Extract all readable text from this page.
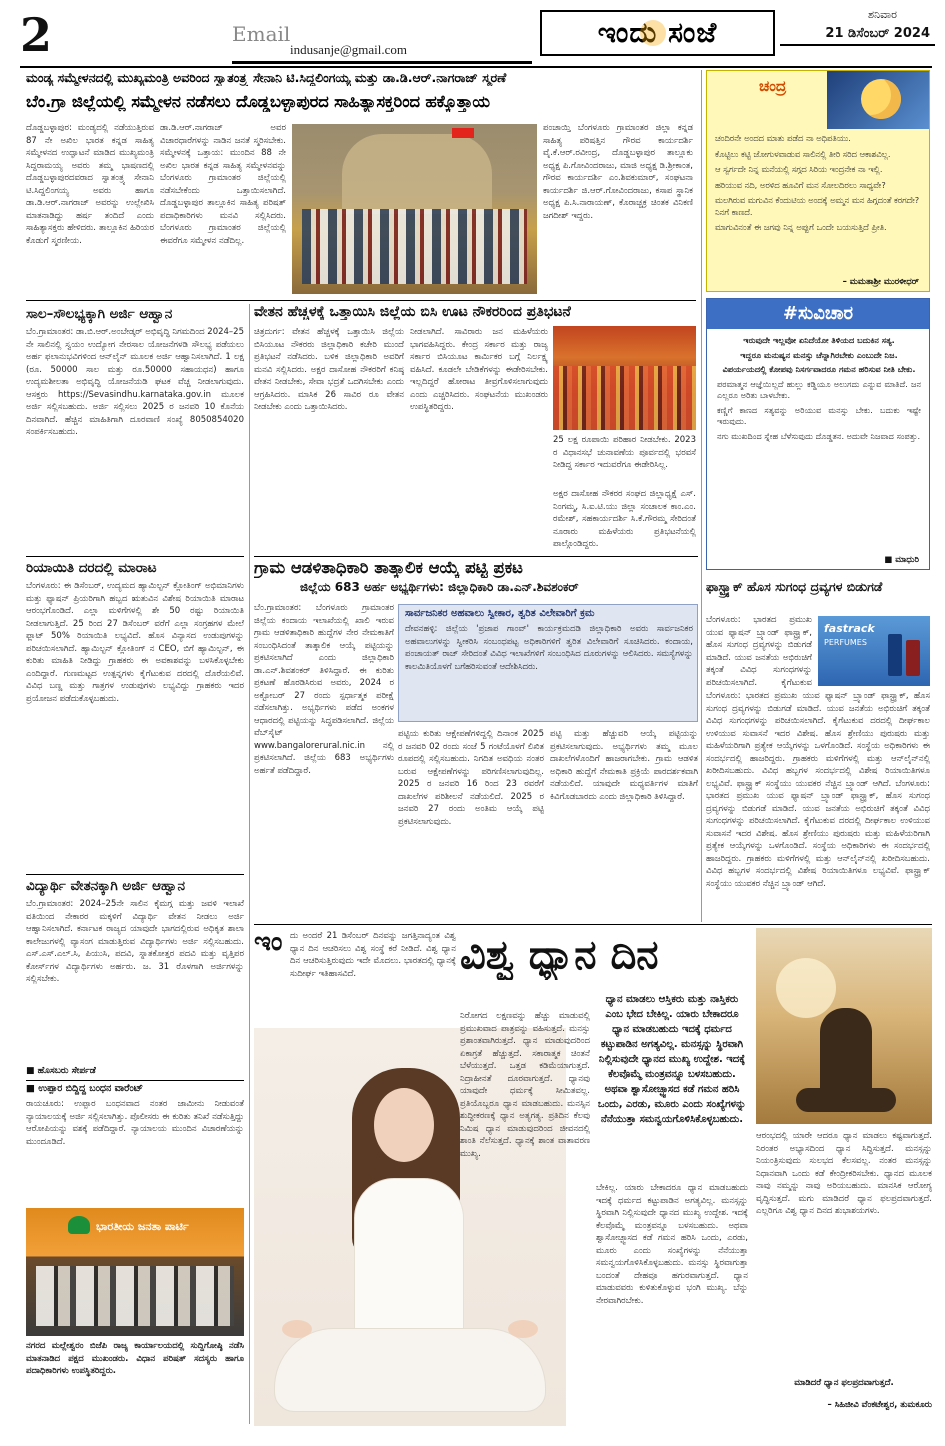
2	Email
indusanje@gmail.com
ಇಂದು ಸಂಜೆ
ಶನಿವಾರ
21 ಡಿಸೆಂಬರ್ 2024
ಮಂಡ್ಯ ಸಮ್ಮೇಳನದಲ್ಲಿ ಮುಖ್ಯಮಂತ್ರಿ ಅವರಿಂದ ಸ್ವಾತಂತ್ರ್ಯ ಸೇನಾನಿ ಟಿ.ಸಿದ್ದಲಿಂಗಯ್ಯ ಮತ್ತು ಡಾ.ಡಿ.ಆರ್.ನಾಗರಾಜ್ ಸ್ಮರಣೆ
ಬೆಂ.ಗ್ರಾ ಜಿಲ್ಲೆಯಲ್ಲಿ ಸಮ್ಮೇಳನ ನಡೆಸಲು ದೊಡ್ಡಬಳ್ಳಾಪುರದ ಸಾಹಿತ್ಯಾಸಕ್ತರಿಂದ ಹಕ್ಕೊತ್ತಾಯ
ದೊಡ್ಡಬಳ್ಳಾಪುರ: ಮಂಡ್ಯದಲ್ಲಿ ನಡೆಯುತ್ತಿರುವ 87 ನೇ ಅಖಿಲ ಭಾರತ ಕನ್ನಡ ಸಾಹಿತ್ಯ ಸಮ್ಮೇಳನದ ಉದ್ಘಾಟನೆ ಮಾಡಿದ ಮುಖ್ಯಮಂತ್ರಿ ಸಿದ್ದರಾಮಯ್ಯ ಅವರು ತಮ್ಮ ಭಾಷಣದಲ್ಲಿ ದೊಡ್ಡಬಳ್ಳಾಪುರದವರಾದ ಸ್ವಾತಂತ್ರ್ಯ ಸೇನಾನಿ ಟಿ.ಸಿದ್ದಲಿಂಗಯ್ಯ ಅವರು ಹಾಗೂ ಡಾ.ಡಿ.ಆರ್.ನಾಗರಾಜ್ ಅವರನ್ನು ಉಲ್ಲೇಖಿಸಿ ಮಾತನಾಡಿದ್ದು ಹರ್ಷ ತಂದಿದೆ ಎಂದು ಸಾಹಿತ್ಯಾಸಕ್ತರು ಹೇಳಿದರು. ತಾಲ್ಲೂಕಿನ ಹಿರಿಯರ ಕೊಡುಗೆ ಸ್ಮರಣೀಯ.
ಡಾ.ಡಿ.ಆರ್.ನಾಗರಾಜ್ ಅವರ ವಿಚಾರಧಾರೆಗಳನ್ನು ನಾಡಿನ ಜನತೆ ಸ್ಮರಿಸಬೇಕು. ಸಮ್ಮೇಳನಕ್ಕೆ ಒತ್ತಾಯ: ಮುಂದಿನ 88 ನೇ ಅಖಿಲ ಭಾರತ ಕನ್ನಡ ಸಾಹಿತ್ಯ ಸಮ್ಮೇಳನವನ್ನು ಬೆಂಗಳೂರು ಗ್ರಾಮಾಂತರ ಜಿಲ್ಲೆಯಲ್ಲಿ ನಡೆಸಬೇಕೆಂದು ಒತ್ತಾಯಿಸಲಾಗಿದೆ. ದೊಡ್ಡಬಳ್ಳಾಪುರ ತಾಲ್ಲೂಕಿನ ಸಾಹಿತ್ಯ ಪರಿಷತ್ ಪದಾಧಿಕಾರಿಗಳು ಮನವಿ ಸಲ್ಲಿಸಿದರು. ಬೆಂಗಳೂರು ಗ್ರಾಮಾಂತರ ಜಿಲ್ಲೆಯಲ್ಲಿ ಈವರೆಗೂ ಸಮ್ಮೇಳನ ನಡೆದಿಲ್ಲ.
ಪಂಚಾಯ್ತಿ ಬೆಂಗಳೂರು ಗ್ರಾಮಾಂತರ ಜಿಲ್ಲಾ ಕನ್ನಡ ಸಾಹಿತ್ಯ ಪರಿಷತ್ತಿನ ಗೌರವ ಕಾರ್ಯದರ್ಶಿ ವೈ.ಕೆ.ಆರ್.ರವೀಂದ್ರ, ದೊಡ್ಡಬಳ್ಳಾಪುರ ತಾಲ್ಲೂಕು ಅಧ್ಯಕ್ಷ ಪಿ.ಗೋವಿಂದರಾಜು, ಮಾಜಿ ಅಧ್ಯಕ್ಷ ಡಿ.ಶ್ರೀಕಾಂತ, ಗೌರವ ಕಾರ್ಯದರ್ಶಿ ಎಂ.ಶಿವಕುಮಾರ್, ಸಂಘಟನಾ ಕಾರ್ಯದರ್ಶಿ ಜಿ.ಆರ್.ಗೋವಿಂದರಾಜು, ಕಸಾಪ ಸ್ಥಾನಿಕ ಅಧ್ಯಕ್ಷ ಪಿ.ಸಿ.ನಾರಾಯಣ್, ಕೊರಾಚ್ಚಕ್ರ ಚಿಂತಕ ವಿನಿಕಣಿ ಜಗದೀಶ್ ಇದ್ದರು.
ಚಂದ್ರ

ಚಂದಿರನೇ ಅಂದದ ಮಾತು ಪಡೆದ ನಾ ಅಧಿಪತಿಯು.

ಕೊಟ್ಟಿಲು ಕಟ್ಟಿ ಜೋಗುಳವಾಡುವ ಸಾಲಿನಲ್ಲಿ ತೀರಿ ಸರಿದ ಆಕಾಶವಿಲ್ಲ.

ಆ ಸ್ವರ್ಗದೇ ನಿನ್ನ ಮನೆಯಲ್ಲಿ ಸಗ್ಗದ ಸಿರಿಯ ಇಂದ್ರನೇಕ ನಾ ಇಲ್ಲಿ.

ಹರಿಯುವ ನದಿ, ಅರಳಿದ ಹೂವಿಗೆ ಮನ ಸೋಲದಿರಲು ಸಾಧ್ಯವೇ?

ಮಲಗಿರುವ ಮಗುವಿನ ಕೆಂದುಟಿಯ ಅಂದಕ್ಕೆ ಅಮ್ಮನ ಮನ ಹಿಗ್ಗದಂತೆ ಕರಗದೇ? ನಿನಗೆ ಕಾಣದೆ.

ಮಾಗುವಿನಂತೆ ಈ ಜಗವು ನಿನ್ನ ಅಪ್ಪುಗೆ ಒಂದೇ ಬಯಸುತ್ತಿದೆ ಪ್ರೀತಿ.

– ಮಮತಾಶ್ರೀ ಮುರಳೀಧರ್
#ಸುವಿಚಾರ

ಇರುವುದೇ ಇಲ್ಲವೋ ಏನಿದೆಯೋ ತಿಳಿಯದ ಬದುಕಿನ ಸತ್ಯ.

ಇದ್ದರೂ ಮನುಷ್ಯನ ಮನಸ್ಸು ಚೆನ್ನಾಗಿರಬೇಕು ಎಂಬುದೇ ನಿಜ.

ವಿಪರ್ಯಯದಲ್ಲಿ ಕೋಪವು ನಿಸರ್ಗವಾದರೂ ಗಮನ ಹರಿಸುವ ನೀತಿ ಬೇಕು.

ಪರಮಾತ್ಮನ ಆಜ್ಞೆಯಿಲ್ಲದೆ ಹುಲ್ಲು ಕಡ್ಡಿಯೂ ಅಲುಗದು ಎನ್ನುವ ಮಾತಿದೆ. ಜನ ಎಲ್ಲರೂ ಅರಿತು ಬಾಳಬೇಕು.

ಕಣ್ಣಿಗೆ ಕಾಣದ ಸತ್ಯವನ್ನು ಅರಿಯುವ ಮನಸ್ಸು ಬೇಕು. ಬದುಕು ಇಷ್ಟೇ ಇರುವುದು.

ನಗು ಮುಖದಿಂದ ಸ್ನೇಹ ಬೆಳೆಸುವುದು ದೊಡ್ಡತನ. ಅದುವೇ ನಿಜವಾದ ಸಂಪತ್ತು.

■ ಮಾಧುರಿ
ಫಾಸ್ಟ್ರ್ಯಾಕ್ ಹೊಸ ಸುಗಂಧ ದ್ರವ್ಯಗಳ ಬಿಡುಗಡೆ
fastrack
PERFUMES
ಬೆಂಗಳೂರು: ಭಾರತದ ಪ್ರಮುಖ ಯುವ ಫ್ಯಾಷನ್ ಬ್ರ್ಯಾಂಡ್ ಫಾಸ್ಟ್ರ್ಯಾಕ್, ಹೊಸ ಸುಗಂಧ ದ್ರವ್ಯಗಳನ್ನು ಬಿಡುಗಡೆ ಮಾಡಿದೆ. ಯುವ ಜನತೆಯ ಅಭಿರುಚಿಗೆ ತಕ್ಕಂತೆ ವಿವಿಧ ಸುಗಂಧಗಳನ್ನು ಪರಿಚಯಿಸಲಾಗಿದೆ. ಕೈಗೆಟುಕುವ
ಬೆಂಗಳೂರು: ಭಾರತದ ಪ್ರಮುಖ ಯುವ ಫ್ಯಾಷನ್ ಬ್ರ್ಯಾಂಡ್ ಫಾಸ್ಟ್ರ್ಯಾಕ್, ಹೊಸ ಸುಗಂಧ ದ್ರವ್ಯಗಳನ್ನು ಬಿಡುಗಡೆ ಮಾಡಿದೆ. ಯುವ ಜನತೆಯ ಅಭಿರುಚಿಗೆ ತಕ್ಕಂತೆ ವಿವಿಧ ಸುಗಂಧಗಳನ್ನು ಪರಿಚಯಿಸಲಾಗಿದೆ. ಕೈಗೆಟುಕುವ ದರದಲ್ಲಿ ದೀರ್ಘಕಾಲ ಉಳಿಯುವ ಸುವಾಸನೆ ಇದರ ವಿಶೇಷ. ಹೊಸ ಶ್ರೇಣಿಯು ಪುರುಷರು ಮತ್ತು ಮಹಿಳೆಯರಿಗಾಗಿ ಪ್ರತ್ಯೇಕ ಆಯ್ಕೆಗಳನ್ನು ಒಳಗೊಂಡಿದೆ. ಸಂಸ್ಥೆಯ ಅಧಿಕಾರಿಗಳು ಈ ಸಂದರ್ಭದಲ್ಲಿ ಹಾಜರಿದ್ದರು. ಗ್ರಾಹಕರು ಮಳಿಗೆಗಳಲ್ಲಿ ಮತ್ತು ಆನ್‌ಲೈನ್‌ನಲ್ಲಿ ಖರೀದಿಸಬಹುದು. ವಿವಿಧ ಹಬ್ಬಗಳ ಸಂದರ್ಭದಲ್ಲಿ ವಿಶೇಷ ರಿಯಾಯಿತಿಗಳೂ ಲಭ್ಯವಿವೆ. ಫಾಸ್ಟ್ರ್ಯಾಕ್ ಸಂಸ್ಥೆಯು ಯುವಕರ ನೆಚ್ಚಿನ ಬ್ರ್ಯಾಂಡ್ ಆಗಿದೆ. ಬೆಂಗಳೂರು: ಭಾರತದ ಪ್ರಮುಖ ಯುವ ಫ್ಯಾಷನ್ ಬ್ರ್ಯಾಂಡ್ ಫಾಸ್ಟ್ರ್ಯಾಕ್, ಹೊಸ ಸುಗಂಧ ದ್ರವ್ಯಗಳನ್ನು ಬಿಡುಗಡೆ ಮಾಡಿದೆ. ಯುವ ಜನತೆಯ ಅಭಿರುಚಿಗೆ ತಕ್ಕಂತೆ ವಿವಿಧ ಸುಗಂಧಗಳನ್ನು ಪರಿಚಯಿಸಲಾಗಿದೆ. ಕೈಗೆಟುಕುವ ದರದಲ್ಲಿ ದೀರ್ಘಕಾಲ ಉಳಿಯುವ ಸುವಾಸನೆ ಇದರ ವಿಶೇಷ. ಹೊಸ ಶ್ರೇಣಿಯು ಪುರುಷರು ಮತ್ತು ಮಹಿಳೆಯರಿಗಾಗಿ ಪ್ರತ್ಯೇಕ ಆಯ್ಕೆಗಳನ್ನು ಒಳಗೊಂಡಿದೆ. ಸಂಸ್ಥೆಯ ಅಧಿಕಾರಿಗಳು ಈ ಸಂದರ್ಭದಲ್ಲಿ ಹಾಜರಿದ್ದರು. ಗ್ರಾಹಕರು ಮಳಿಗೆಗಳಲ್ಲಿ ಮತ್ತು ಆನ್‌ಲೈನ್‌ನಲ್ಲಿ ಖರೀದಿಸಬಹುದು. ವಿವಿಧ ಹಬ್ಬಗಳ ಸಂದರ್ಭದಲ್ಲಿ ವಿಶೇಷ ರಿಯಾಯಿತಿಗಳೂ ಲಭ್ಯವಿವೆ. ಫಾಸ್ಟ್ರ್ಯಾಕ್ ಸಂಸ್ಥೆಯು ಯುವಕರ ನೆಚ್ಚಿನ ಬ್ರ್ಯಾಂಡ್ ಆಗಿದೆ.
ಸಾಲ–ಸೌಲಭ್ಯಕ್ಕಾಗಿ ಅರ್ಜಿ ಆಹ್ವಾನ
ಬೆಂ.ಗ್ರಾಮಾಂತರ: ಡಾ.ಬಿ.ಆರ್.ಅಂಬೇಡ್ಕರ್ ಅಭಿವೃದ್ಧಿ ನಿಗಮದಿಂದ 2024–25 ನೇ ಸಾಲಿನಲ್ಲಿ ಸ್ವಯಂ ಉದ್ಯೋಗ ನೇರಸಾಲ ಯೋಜನೆಗಳಡಿ ಸೌಲಭ್ಯ ಪಡೆಯಲು ಅರ್ಹ ಫಲಾನುಭವಿಗಳಿಂದ ಆನ್‌ಲೈನ್ ಮೂಲಕ ಅರ್ಜಿ ಆಹ್ವಾನಿಸಲಾಗಿದೆ. 1 ಲಕ್ಷ (ರೂ. 50000 ಸಾಲ ಮತ್ತು ರೂ.50000 ಸಹಾಯಧನ) ಹಾಗೂ ಉದ್ಯಮಶೀಲತಾ ಅಭಿವೃದ್ಧಿ ಯೋಜನೆಯಡಿ ಘಟಕ ವೆಚ್ಚ ನೀಡಲಾಗುವುದು. ಆಸಕ್ತರು https://Sevasindhu.karnataka.gov.in ಮೂಲಕ ಅರ್ಜಿ ಸಲ್ಲಿಸಬಹುದು. ಅರ್ಜಿ ಸಲ್ಲಿಸಲು 2025 ರ ಜನವರಿ 10 ಕೊನೆಯ ದಿನವಾಗಿದೆ. ಹೆಚ್ಚಿನ ಮಾಹಿತಿಗಾಗಿ ದೂರವಾಣಿ ಸಂಖ್ಯೆ 8050854020 ಸಂಪರ್ಕಿಸಬಹುದು.
ರಿಯಾಯಿತಿ ದರದಲ್ಲಿ ಮಾರಾಟ
ಬೆಂಗಳೂರು: ಈ ಡಿಸೆಂಬರ್, ಉದ್ಯಮದ ಹ್ಯಾಮಿಲ್ಟನ್ ಕ್ಲೋತಿಂಗ್ ಅಭಿಮಾನಿಗಳು ಮತ್ತು ಫ್ಯಾಷನ್ ಪ್ರಿಯರಿಗಾಗಿ ಹಬ್ಬದ ಋತುವಿನ ವಿಶೇಷ ರಿಯಾಯಿತಿ ಮಾರಾಟ ಆರಂಭಗೊಂಡಿದೆ. ಎಲ್ಲಾ ಮಳಿಗೆಗಳಲ್ಲಿ ಶೇ 50 ರಷ್ಟು ರಿಯಾಯಿತಿ ನೀಡಲಾಗುತ್ತಿದೆ. 25 ರಿಂದ 27 ಡಿಸೆಂಬರ್ ವರೆಗೆ ಎಲ್ಲಾ ಸಂಗ್ರಹಗಳ ಮೇಲೆ ಫ್ಲಾಟ್ 50% ರಿಯಾಯಿತಿ ಲಭ್ಯವಿದೆ. ಹೊಸ ವಿನ್ಯಾಸದ ಉಡುಪುಗಳನ್ನು ಪರಿಚಯಿಸಲಾಗಿದೆ. ಹ್ಯಾಮಿಲ್ಟನ್ ಕ್ಲೋತಿಂಗ್ ನ CEO, ಬಿಗೆ ಹ್ಯಾಮಿಲ್ಟನ್, ಈ ಕುರಿತು ಮಾಹಿತಿ ನೀಡಿದ್ದು ಗ್ರಾಹಕರು ಈ ಅವಕಾಶವನ್ನು ಬಳಸಿಕೊಳ್ಳಬೇಕು ಎಂದಿದ್ದಾರೆ. ಗುಣಮಟ್ಟದ ಉತ್ಪನ್ನಗಳು ಕೈಗೆಟುಕುವ ದರದಲ್ಲಿ ದೊರೆಯಲಿವೆ. ವಿವಿಧ ಬಣ್ಣ ಮತ್ತು ಗಾತ್ರಗಳ ಉಡುಪುಗಳು ಲಭ್ಯವಿದ್ದು ಗ್ರಾಹಕರು ಇದರ ಪ್ರಯೋಜನ ಪಡೆದುಕೊಳ್ಳಬಹುದು.
ವಿದ್ಯಾರ್ಥಿ ವೇತನಕ್ಕಾಗಿ ಅರ್ಜಿ ಆಹ್ವಾನ
ಬೆಂ.ಗ್ರಾಮಾಂತರ: 2024–25ನೇ ಸಾಲಿನ ಕೈಮಗ್ಗ ಮತ್ತು ಜವಳಿ ಇಲಾಖೆ ವತಿಯಿಂದ ನೇಕಾರರ ಮಕ್ಕಳಿಗೆ ವಿದ್ಯಾರ್ಥಿ ವೇತನ ನೀಡಲು ಅರ್ಜಿ ಆಹ್ವಾನಿಸಲಾಗಿದೆ. ಕರ್ನಾಟಕ ರಾಜ್ಯದ ಯಾವುದೇ ಭಾಗದಲ್ಲಿರುವ ಅಧಿಕೃತ ಶಾಲಾ ಕಾಲೇಜುಗಳಲ್ಲಿ ವ್ಯಾಸಂಗ ಮಾಡುತ್ತಿರುವ ವಿದ್ಯಾರ್ಥಿಗಳು ಅರ್ಜಿ ಸಲ್ಲಿಸಬಹುದು. ಎಸ್.ಎಸ್.ಎಲ್.ಸಿ, ಪಿಯುಸಿ, ಪದವಿ, ಸ್ನಾತಕೋತ್ತರ ಪದವಿ ಮತ್ತು ವೃತ್ತಿಪರ ಕೋರ್ಸ್‌ಗಳ ವಿದ್ಯಾರ್ಥಿಗಳು ಅರ್ಹರು. ಜ. 31 ರೊಳಗಾಗಿ ಅರ್ಜಿಗಳನ್ನು ಸಲ್ಲಿಸಬೇಕು.
■ ಹೊಸಬರು ಸೇರ್ಪಡೆ
■ ಉಪ್ಪಾರ ಬಿದ್ದಿದ್ದ ಬಂಧನ ವಾರೆಂಟ್
ರಾಯಚೂರು: ಉಪ್ಪಾರ ಬಂಧನವಾದ ನಂತರ ಜಾಮೀನು ನೀಡುವಂತೆ ನ್ಯಾಯಾಲಯಕ್ಕೆ ಅರ್ಜಿ ಸಲ್ಲಿಸಲಾಗಿತ್ತು. ಪೊಲೀಸರು ಈ ಕುರಿತು ತನಿಖೆ ನಡೆಸುತ್ತಿದ್ದು ಆರೋಪಿಯನ್ನು ವಶಕ್ಕೆ ಪಡೆದಿದ್ದಾರೆ. ನ್ಯಾಯಾಲಯ ಮುಂದಿನ ವಿಚಾರಣೆಯನ್ನು ಮುಂದೂಡಿದೆ.
ಭಾರತೀಯ ಜನತಾ ಪಾರ್ಟಿ
ನಗರದ ಮಲ್ಲೇಶ್ವರಂ ಬಿಜೆಪಿ ರಾಜ್ಯ ಕಾರ್ಯಾಲಯದಲ್ಲಿ ಸುದ್ದಿಗೋಷ್ಠಿ ನಡೆಸಿ ಮಾತನಾಡಿದ ಪಕ್ಷದ ಮುಖಂಡರು. ವಿಧಾನ ಪರಿಷತ್ ಸದಸ್ಯರು ಹಾಗೂ ಪದಾಧಿಕಾರಿಗಳು ಉಪಸ್ಥಿತರಿದ್ದರು.
ವೇತನ ಹೆಚ್ಚಳಕ್ಕೆ ಒತ್ತಾಯಿಸಿ ಜಿಲ್ಲೆಯ ಬಿಸಿ ಊಟ ನೌಕರರಿಂದ ಪ್ರತಿಭಟನೆ
ಚಿತ್ರದುರ್ಗ: ವೇತನ ಹೆಚ್ಚಳಕ್ಕೆ ಒತ್ತಾಯಿಸಿ ಜಿಲ್ಲೆಯ ಬಿಸಿಯೂಟ ನೌಕರರು ಜಿಲ್ಲಾಧಿಕಾರಿ ಕಚೇರಿ ಮುಂದೆ ಪ್ರತಿಭಟನೆ ನಡೆಸಿದರು. ಬಳಿಕ ಜಿಲ್ಲಾಧಿಕಾರಿ ಅವರಿಗೆ ಮನವಿ ಸಲ್ಲಿಸಿದರು. ಅಕ್ಷರ ದಾಸೋಹ ನೌಕರರಿಗೆ ಕನಿಷ್ಠ ವೇತನ ನೀಡಬೇಕು, ಸೇವಾ ಭದ್ರತೆ ಒದಗಿಸಬೇಕು ಎಂದು ಆಗ್ರಹಿಸಿದರು. ಮಾಸಿಕ 26 ಸಾವಿರ ರೂ ವೇತನ ನೀಡಬೇಕು ಎಂದು ಒತ್ತಾಯಿಸಿದರು.
ನೀಡಲಾಗಿದೆ. ಸಾವಿರಾರು ಜನ ಮಹಿಳೆಯರು ಭಾಗವಹಿಸಿದ್ದರು. ಕೇಂದ್ರ ಸರ್ಕಾರ ಮತ್ತು ರಾಜ್ಯ ಸರ್ಕಾರ ಬಿಸಿಯೂಟ ಕಾರ್ಮಿಕರ ಬಗ್ಗೆ ನಿರ್ಲಕ್ಷ್ಯ ವಹಿಸಿದೆ. ಕೂಡಲೇ ಬೇಡಿಕೆಗಳನ್ನು ಈಡೇರಿಸಬೇಕು. ಇಲ್ಲದಿದ್ದರೆ ಹೋರಾಟ ತೀವ್ರಗೊಳಿಸಲಾಗುವುದು ಎಂದು ಎಚ್ಚರಿಸಿದರು. ಸಂಘಟನೆಯ ಮುಖಂಡರು ಉಪಸ್ಥಿತರಿದ್ದರು.
25 ಲಕ್ಷ ರೂಪಾಯಿ ಪರಿಹಾರ ನೀಡಬೇಕು. 2023 ರ ವಿಧಾನಸಭೆ ಚುನಾವಣೆಯ ಪೂರ್ವದಲ್ಲಿ ಭರವಸೆ ನೀಡಿದ್ದ ಸರ್ಕಾರ ಇದುವರೆಗೂ ಈಡೇರಿಸಿಲ್ಲ.
ಅಕ್ಷರ ದಾಸೋಹ ನೌಕರರ ಸಂಘದ ಜಿಲ್ಲಾಧ್ಯಕ್ಷೆ ಎಸ್. ನಿಂಗಮ್ಮ, ಸಿ.ಐ.ಟಿ.ಯು ಜಿಲ್ಲಾ ಸಂಚಾಲಕ ಕಾಂ.ಎಂ. ರಮೇಶ್, ಸಹಕಾರ್ಯದರ್ಶಿ ಸಿ.ಕೆ.ಗೌರಮ್ಮ ಸೇರಿದಂತೆ ನೂರಾರು ಮಹಿಳೆಯರು ಪ್ರತಿಭಟನೆಯಲ್ಲಿ ಪಾಲ್ಗೊಂಡಿದ್ದರು.
ಗ್ರಾಮ ಆಡಳಿತಾಧಿಕಾರಿ ತಾತ್ಕಾಲಿಕ ಆಯ್ಕೆ ಪಟ್ಟಿ ಪ್ರಕಟ
ಜಿಲ್ಲೆಯ 683 ಅರ್ಹ ಅಭ್ಯರ್ಥಿಗಳು: ಜಿಲ್ಲಾಧಿಕಾರಿ ಡಾ.ಎನ್.ಶಿವಶಂಕರ್
ಬೆಂ.ಗ್ರಾಮಾಂತರ: ಬೆಂಗಳೂರು ಗ್ರಾಮಾಂತರ ಜಿಲ್ಲೆಯ ಕಂದಾಯ ಇಲಾಖೆಯಲ್ಲಿ ಖಾಲಿ ಇರುವ ಗ್ರಾಮ ಆಡಳಿತಾಧಿಕಾರಿ ಹುದ್ದೆಗಳ ನೇರ ನೇಮಕಾತಿಗೆ ಸಂಬಂಧಿಸಿದಂತೆ ತಾತ್ಕಾಲಿಕ ಆಯ್ಕೆ ಪಟ್ಟಿಯನ್ನು ಪ್ರಕಟಿಸಲಾಗಿದೆ ಎಂದು ಜಿಲ್ಲಾಧಿಕಾರಿ ಡಾ.ಎನ್.ಶಿವಶಂಕರ್ ತಿಳಿಸಿದ್ದಾರೆ. ಈ ಕುರಿತು ಪ್ರಕಟಣೆ ಹೊರಡಿಸಿರುವ ಅವರು, 2024 ರ ಅಕ್ಟೋಬರ್ 27 ರಂದು ಸ್ಪರ್ಧಾತ್ಮಕ ಪರೀಕ್ಷೆ ನಡೆಸಲಾಗಿತ್ತು. ಅಭ್ಯರ್ಥಿಗಳು ಪಡೆದ ಅಂಕಗಳ ಆಧಾರದಲ್ಲಿ ಪಟ್ಟಿಯನ್ನು ಸಿದ್ಧಪಡಿಸಲಾಗಿದೆ. ಜಿಲ್ಲೆಯ ವೆಬ್‌ಸೈಟ್ www.bangalorerural.nic.in ನಲ್ಲಿ ಪ್ರಕಟಿಸಲಾಗಿದೆ. ಜಿಲ್ಲೆಯ 683 ಅಭ್ಯರ್ಥಿಗಳು ಅರ್ಹತೆ ಪಡೆದಿದ್ದಾರೆ.
ಸಾರ್ವಜನಿಕರ ಅಹವಾಲು ಸ್ವೀಕಾರ, ತ್ವರಿತ ವಿಲೇವಾರಿಗೆ ಕ್ರಮ
ದೇವನಹಳ್ಳಿ: ಜಿಲ್ಲೆಯ 'ಪ್ರಜಾಪ ಗಾಂವ್' ಕಾರ್ಯಕ್ರಮದಡಿ ಜಿಲ್ಲಾಧಿಕಾರಿ ಅವರು ಸಾರ್ವಜನಿಕರ ಅಹವಾಲುಗಳನ್ನು ಸ್ವೀಕರಿಸಿ ಸಂಬಂಧಪಟ್ಟ ಅಧಿಕಾರಿಗಳಿಗೆ ತ್ವರಿತ ವಿಲೇವಾರಿಗೆ ಸೂಚಿಸಿದರು. ಕಂದಾಯ, ಪಂಚಾಯತ್ ರಾಜ್ ಸೇರಿದಂತೆ ವಿವಿಧ ಇಲಾಖೆಗಳಿಗೆ ಸಂಬಂಧಿಸಿದ ದೂರುಗಳನ್ನು ಆಲಿಸಿದರು. ಸಮಸ್ಯೆಗಳನ್ನು ಕಾಲಮಿತಿಯೊಳಗೆ ಬಗೆಹರಿಸುವಂತೆ ಆದೇಶಿಸಿದರು.
ಪಟ್ಟಿಯ ಕುರಿತು ಆಕ್ಷೇಪಣೆಗಳಿದ್ದಲ್ಲಿ ದಿನಾಂಕ 2025 ರ ಜನವರಿ 02 ರಂದು ಸಂಜೆ 5 ಗಂಟೆಯೊಳಗೆ ಲಿಖಿತ ರೂಪದಲ್ಲಿ ಸಲ್ಲಿಸಬಹುದು. ನಿಗದಿತ ಅವಧಿಯ ನಂತರ ಬರುವ ಆಕ್ಷೇಪಣೆಗಳನ್ನು ಪರಿಗಣಿಸಲಾಗುವುದಿಲ್ಲ. 2025 ರ ಜನವರಿ 16 ರಿಂದ 23 ರವರೆಗೆ ದಾಖಲೆಗಳ ಪರಿಶೀಲನೆ ನಡೆಯಲಿದೆ. 2025 ರ ಜನವರಿ 27 ರಂದು ಅಂತಿಮ ಆಯ್ಕೆ ಪಟ್ಟಿ ಪ್ರಕಟಿಸಲಾಗುವುದು.
ಪಟ್ಟಿ ಮತ್ತು ಹೆಚ್ಚುವರಿ ಆಯ್ಕೆ ಪಟ್ಟಿಯನ್ನು ಪ್ರಕಟಿಸಲಾಗುವುದು. ಅಭ್ಯರ್ಥಿಗಳು ತಮ್ಮ ಮೂಲ ದಾಖಲೆಗಳೊಂದಿಗೆ ಹಾಜರಾಗಬೇಕು. ಗ್ರಾಮ ಆಡಳಿತ ಅಧಿಕಾರಿ ಹುದ್ದೆಗೆ ನೇಮಕಾತಿ ಪ್ರಕ್ರಿಯೆ ಪಾರದರ್ಶಕವಾಗಿ ನಡೆಯಲಿದೆ. ಯಾವುದೇ ಮಧ್ಯವರ್ತಿಗಳ ಮಾತಿಗೆ ಕಿವಿಗೊಡಬಾರದು ಎಂದು ಜಿಲ್ಲಾಧಿಕಾರಿ ತಿಳಿಸಿದ್ದಾರೆ.
ಇಂ ದು ಅಂದರೆ 21 ಡಿಸೆಂಬರ್ ದಿನವನ್ನು ಜಗತ್ತಿನಾದ್ಯಂತ ವಿಶ್ವ ಧ್ಯಾನ ದಿನ ಆಚರಿಸಲು ವಿಶ್ವ ಸಂಸ್ಥೆ ಕರೆ ನೀಡಿದೆ. ವಿಶ್ವ ಧ್ಯಾನ ದಿನ ಆಚರಿಸುತ್ತಿರುವುದು ಇದೇ ಮೊದಲು. ಭಾರತದಲ್ಲಿ ಧ್ಯಾನಕ್ಕೆ ಸುದೀರ್ಘ ಇತಿಹಾಸವಿದೆ.	ವಿಶ್ವ ಧ್ಯಾನ ದಿನ
ನಿರೋಗದ ಲಕ್ಷಣವನ್ನು ಹೆಚ್ಚು ಮಾಡುವಲ್ಲಿ ಪ್ರಮುಖವಾದ ಪಾತ್ರವನ್ನು ವಹಿಸುತ್ತದೆ. ಮನಸ್ಸು ಪ್ರಶಾಂತವಾಗಿರುತ್ತದೆ. ಧ್ಯಾನ ಮಾಡುವುದರಿಂದ ಏಕಾಗ್ರತೆ ಹೆಚ್ಚುತ್ತದೆ. ಸಕಾರಾತ್ಮಕ ಚಿಂತನೆ ಬೆಳೆಯುತ್ತದೆ. ಒತ್ತಡ ಕಡಿಮೆಯಾಗುತ್ತದೆ. ನಿದ್ರಾಹೀನತೆ ದೂರವಾಗುತ್ತದೆ. ಧ್ಯಾನವು ಯಾವುದೇ ಧರ್ಮಕ್ಕೆ ಸೀಮಿತವಲ್ಲ. ಪ್ರತಿಯೊಬ್ಬರೂ ಧ್ಯಾನ ಮಾಡಬಹುದು. ಮನಸ್ಸಿನ ಶುದ್ಧೀಕರಣಕ್ಕೆ ಧ್ಯಾನ ಅತ್ಯಗತ್ಯ. ಪ್ರತಿದಿನ ಕೆಲವು ನಿಮಿಷ ಧ್ಯಾನ ಮಾಡುವುದರಿಂದ ಜೀವನದಲ್ಲಿ ಶಾಂತಿ ನೆಲೆಸುತ್ತದೆ. ಧ್ಯಾನಕ್ಕೆ ಶಾಂತ ವಾತಾವರಣ ಮುಖ್ಯ.
ಧ್ಯಾನ ಮಾಡಲು ಆಸ್ತಿಕರು ಮತ್ತು ನಾಸ್ತಿಕರು ಎಂಬ ಭೇದ ಬೇಕಿಲ್ಲ. ಯಾರು ಬೇಕಾದರೂ ಧ್ಯಾನ ಮಾಡಬಹುದು ಇದಕ್ಕೆ ಧರ್ಮದ ಕಟ್ಟುಪಾಡಿನ ಅಗತ್ಯವಿಲ್ಲ. ಮನಸ್ಸನ್ನು ಸ್ಥಿರವಾಗಿ ನಿಲ್ಲಿಸುವುದೇ ಧ್ಯಾನದ ಮುಖ್ಯ ಉದ್ದೇಶ. ಇದಕ್ಕೆ ಕೆಲವೊಮ್ಮೆ ಮಂತ್ರವನ್ನೂ ಬಳಸಬಹುದು. ಅಥವಾ ಶ್ವಾಸೋಚ್ಛ್ವಾಸದ ಕಡೆ ಗಮನ ಹರಿಸಿ ಒಂದು, ಎರಡು, ಮೂರು ಎಂದು ಸಂಖ್ಯೆಗಳನ್ನು ನೆನೆಯುತ್ತಾ ಸಮನ್ವಯಗೊಳಿಸಿಕೊಳ್ಳಬಹುದು.
ಬೇಕಿಲ್ಲ. ಯಾರು ಬೇಕಾದರೂ ಧ್ಯಾನ ಮಾಡಬಹುದು ಇದಕ್ಕೆ ಧರ್ಮದ ಕಟ್ಟುಪಾಡಿನ ಅಗತ್ಯವಿಲ್ಲ. ಮನಸ್ಸನ್ನು ಸ್ಥಿರವಾಗಿ ನಿಲ್ಲಿಸುವುದೇ ಧ್ಯಾನದ ಮುಖ್ಯ ಉದ್ದೇಶ. ಇದಕ್ಕೆ ಕೆಲವೊಮ್ಮೆ ಮಂತ್ರವನ್ನೂ ಬಳಸಬಹುದು. ಅಥವಾ ಶ್ವಾಸೋಚ್ಛ್ವಾಸದ ಕಡೆ ಗಮನ ಹರಿಸಿ ಒಂದು, ಎರಡು, ಮೂರು ಎಂದು ಸಂಖ್ಯೆಗಳನ್ನು ನೆನೆಯುತ್ತಾ ಸಮನ್ವಯಗೊಳಿಸಿಕೊಳ್ಳಬಹುದು. ಮನಸ್ಸು ಸ್ಥಿರವಾಗುತ್ತಾ ಬಂದಂತೆ ದೇಹವೂ ಹಗುರವಾಗುತ್ತದೆ. ಧ್ಯಾನ ಮಾಡುವವರು ಕುಳಿತುಕೊಳ್ಳುವ ಭಂಗಿ ಮುಖ್ಯ. ಬೆನ್ನು ನೇರವಾಗಿರಬೇಕು.
ಆರಂಭದಲ್ಲಿ ಯಾರೇ ಆದರೂ ಧ್ಯಾನ ಮಾಡಲು ಕಷ್ಟವಾಗುತ್ತದೆ. ನಿರಂತರ ಅಭ್ಯಾಸದಿಂದ ಧ್ಯಾನ ಸಿದ್ಧಿಸುತ್ತದೆ. ಮನಸ್ಸನ್ನು ನಿಯಂತ್ರಿಸುವುದು ಸುಲಭದ ಕೆಲಸವಲ್ಲ. ನಂತರ ಮನಸ್ಸನ್ನು ನಿಧಾನವಾಗಿ ಒಂದು ಕಡೆ ಕೇಂದ್ರೀಕರಿಸಬೇಕು. ಧ್ಯಾನದ ಮೂಲಕ ನಾವು ನಮ್ಮನ್ನು ನಾವು ಅರಿಯಬಹುದು. ಮಾನಸಿಕ ಆರೋಗ್ಯ ವೃದ್ಧಿಸುತ್ತದೆ. ಮಗು ಮಾಡಿದರೆ ಧ್ಯಾನ ಫಲಪ್ರದವಾಗುತ್ತದೆ. ಎಲ್ಲರಿಗೂ ವಿಶ್ವ ಧ್ಯಾನ ದಿನದ ಶುಭಾಶಯಗಳು.
ಮಾಡಿದರೆ ಧ್ಯಾನ ಫಲಪ್ರದವಾಗುತ್ತದೆ.
– ಸಿಹಿಜೀವಿ ವೆಂಕಟೇಶ್ವರ, ತುಮಕೂರು
